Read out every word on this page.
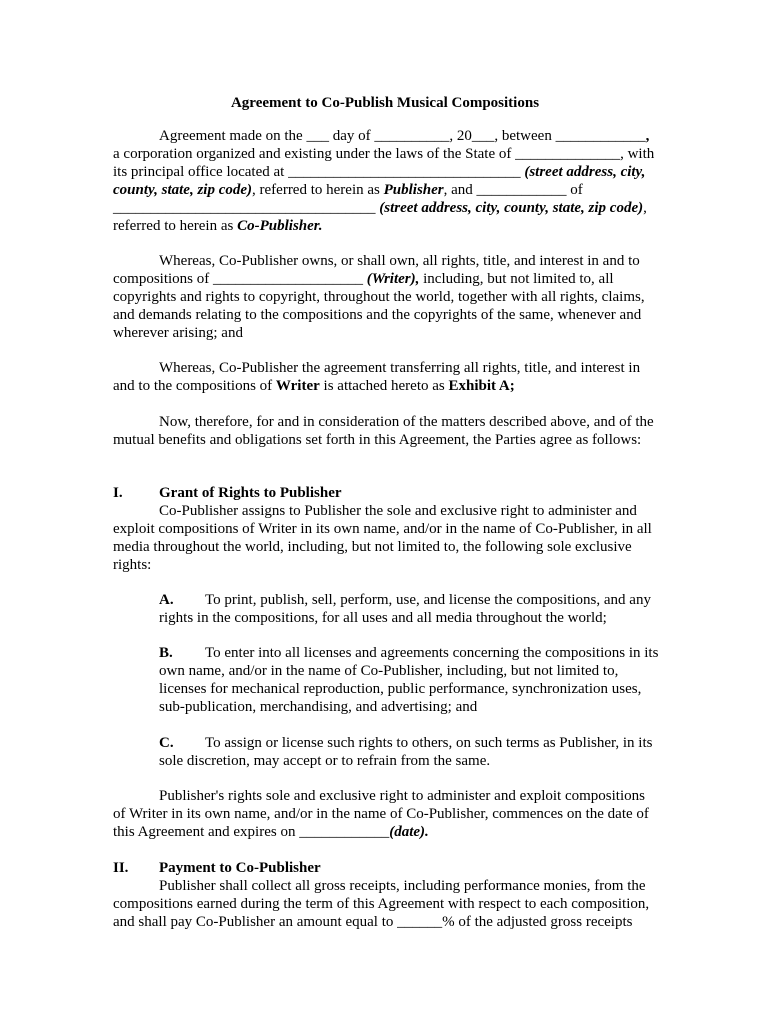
Agreement to Co-Publish Musical Compositions
Agreement made on the ___ day of __________, 20___, between ____________, a corporation organized and existing under the laws of the State of ______________, with its principal office located at _______________________________ (street address, city, county, state, zip code), referred to herein as Publisher, and ____________ of ___________________________________ (street address, city, county, state, zip code), referred to herein as Co-Publisher.
Whereas, Co-Publisher owns, or shall own, all rights, title, and interest in and to compositions of ____________________ (Writer), including, but not limited to, all copyrights and rights to copyright, throughout the world, together with all rights, claims, and demands relating to the compositions and the copyrights of the same, whenever and wherever arising; and
Whereas, Co-Publisher the agreement transferring all rights, title, and interest in and to the compositions of Writer is attached hereto as Exhibit A;
Now, therefore, for and in consideration of the matters described above, and of the mutual benefits and obligations set forth in this Agreement, the Parties agree as follows:
I. Grant of Rights to Publisher
Co-Publisher assigns to Publisher the sole and exclusive right to administer and exploit compositions of Writer in its own name, and/or in the name of Co-Publisher, in all media throughout the world, including, but not limited to, the following sole exclusive rights:
A. To print, publish, sell, perform, use, and license the compositions, and any rights in the compositions, for all uses and all media throughout the world;
B. To enter into all licenses and agreements concerning the compositions in its own name, and/or in the name of Co-Publisher, including, but not limited to, licenses for mechanical reproduction, public performance, synchronization uses, sub-publication, merchandising, and advertising; and
C. To assign or license such rights to others, on such terms as Publisher, in its sole discretion, may accept or to refrain from the same.
Publisher's rights sole and exclusive right to administer and exploit compositions of Writer in its own name, and/or in the name of Co-Publisher, commences on the date of this Agreement and expires on ____________(date).
II. Payment to Co-Publisher
Publisher shall collect all gross receipts, including performance monies, from the compositions earned during the term of this Agreement with respect to each composition, and shall pay Co-Publisher an amount equal to ______% of the adjusted gross receipts
